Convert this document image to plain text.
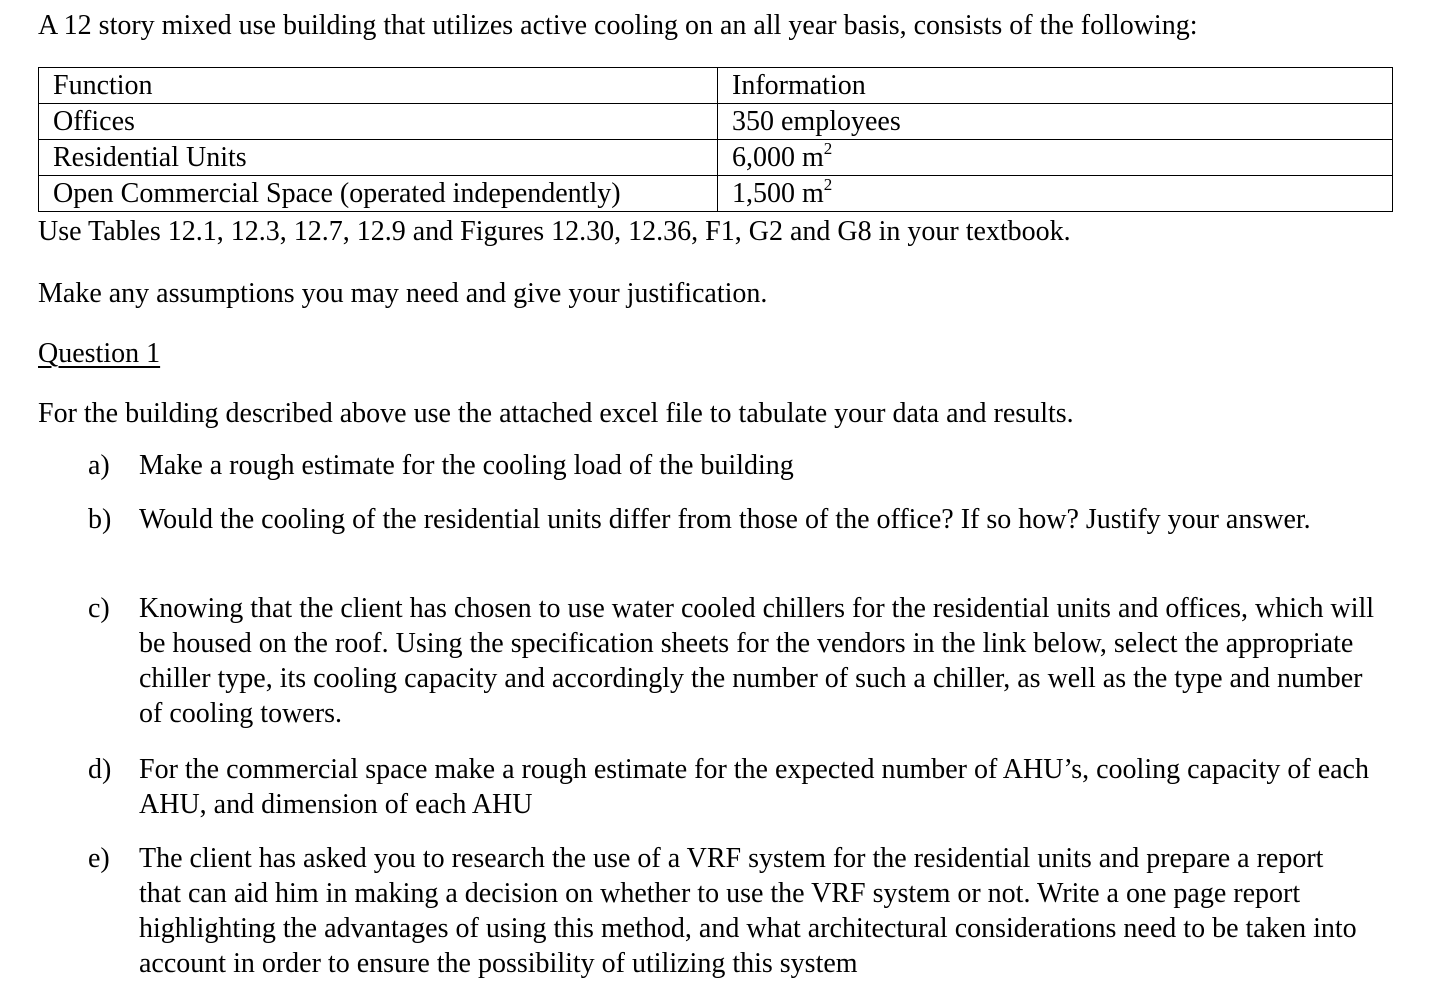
A 12 story mixed use building that utilizes active cooling on an all year basis, consists of the following:

Function	Information
Offices	350 employees
Residential Units	6,000 $m^2$
Open Commercial Space (operated independently)	1,500 $m^2$

Use Tables 12.1, 12.3, 12.7, 12.9 and Figures 12.30, 12.36, F1, G2 and G8 in your textbook.

Make any assumptions you may need and give your justification.

Question 1

For the building described above use the attached excel file to tabulate your data and results.

a)	Make a rough estimate for the cooling load of the building
b) Would the cooling of the residential units differ from those of the office? If so how? Justify your answer.
c)	Knowing that the client has chosen to use water cooled chillers for the residential units and offices, which will be housed on the roof. Using the specification sheets for the vendors in the link below, select the appropriate chiller type, its cooling capacity and accordingly the number of such a chiller, as well as the type and number of cooling towers.
d) For the commercial space make a rough estimate for the expected number of AHU’s, cooling capacity of each AHU, and dimension of each AHU
e)	The client has asked you to research the use of a VRF system for the residential units and prepare a report that can aid him in making a decision on whether to use the VRF system or not. Write a one page report highlighting the advantages of using this method, and what architectural considerations need to be taken into account in order to ensure the possibility of utilizing this system
